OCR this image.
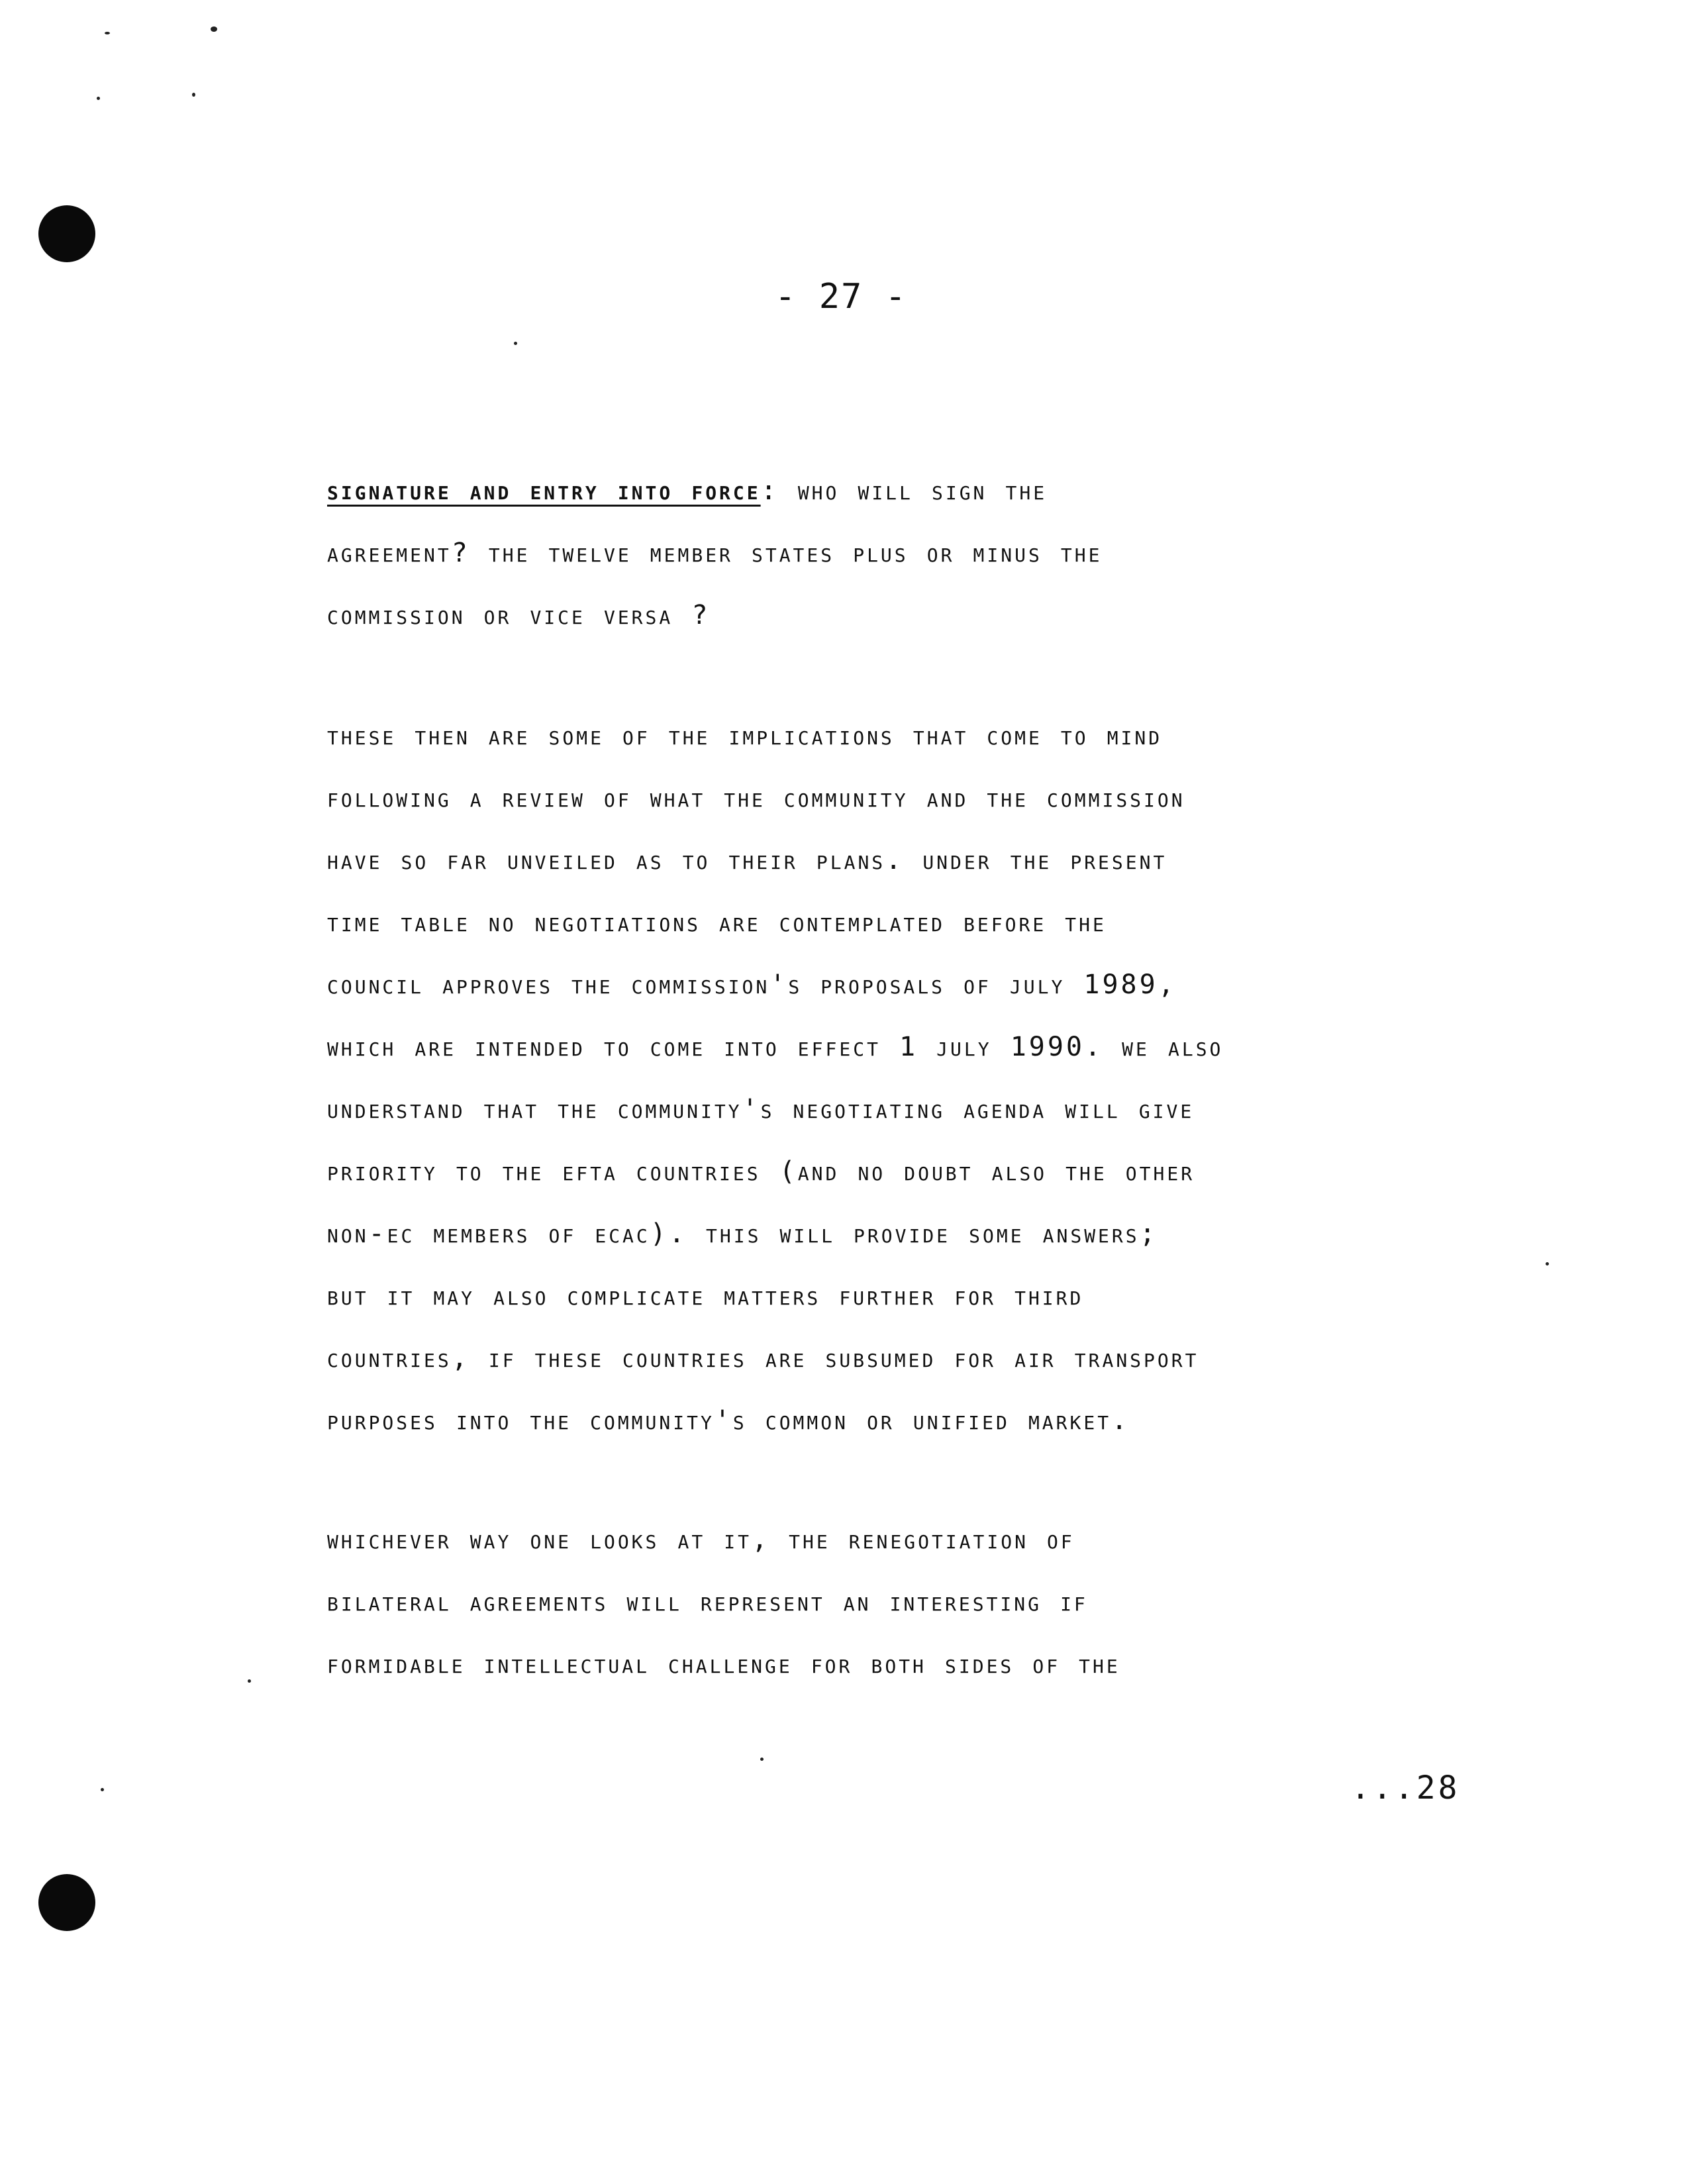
- 27 -
signature and entry into force: who will sign the
agreement? the twelve member states plus or minus the
commission or vice versa ?
these then are some of the implications that come to mind
following a review of what the community and the commission
have so far unveiled as to their plans. under the present
time table no negotiations are contemplated before the
council approves the commission's proposals of july 1989,
which are intended to come into effect 1 july 1990. we also
understand that the community's negotiating agenda will give
priority to the efta countries (and no doubt also the other
non-ec members of ecac). this will provide some answers;
but it may also complicate matters further for third
countries, if these countries are subsumed for air transport
purposes into the community's common or unified market.
whichever way one looks at it, the renegotiation of
bilateral agreements will represent an interesting if
formidable intellectual challenge for both sides of the
...28
